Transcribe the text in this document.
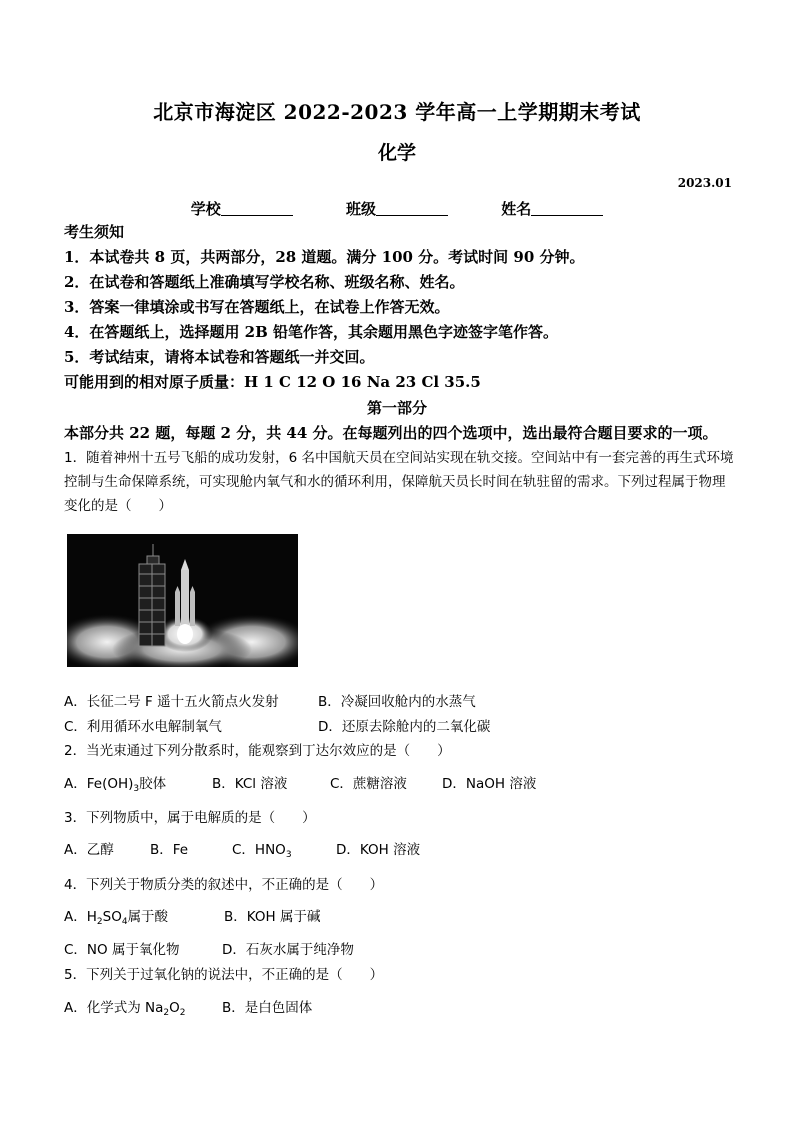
北京市海淀区 2022-2023 学年高一上学期期末考试
化学
2023.01
学校	班级	姓名
考生须知
1．本试卷共 8 页，共两部分，28 道题。满分 100 分。考试时间 90 分钟。
2．在试卷和答题纸上准确填写学校名称、班级名称、姓名。
3．答案一律填涂或书写在答题纸上，在试卷上作答无效。
4．在答题纸上，选择题用 2B 铅笔作答，其余题用黑色字迹签字笔作答。
5．考试结束，请将本试卷和答题纸一并交回。
可能用到的相对原子质量：H 1 C 12 O 16 Na 23 Cl 35.5
第一部分
本部分共 22 题，每题 2 分，共 44 分。在每题列出的四个选项中，选出最符合题目要求的一项。
1．随着神州十五号飞船的成功发射，6 名中国航天员在空间站实现在轨交接。空间站中有一套完善的再生式环境控制与生命保障系统，可实现舱内氧气和水的循环利用，保障航天员长时间在轨驻留的需求。下列过程属于物理变化的是（　　）
A．长征二号 F 遥十五火箭点火发射	B．冷凝回收舱内的水蒸气
C．利用循环水电解制氧气	D．还原去除舱内的二氧化碳
2．当光束通过下列分散系时，能观察到丁达尔效应的是（　　）
A．$Fe(OH)_3$胶体	B．KCl 溶液	C．蔗糖溶液	D．NaOH 溶液
3．下列物质中，属于电解质的是（　　）
A．乙醇	B．Fe	C．$HNO_3$	D．KOH 溶液
4．下列关于物质分类的叙述中，不正确的是（　　）
A．$H_2SO_4$属于酸	B．KOH 属于碱
C．NO 属于氧化物	D．石灰水属于纯净物
5．下列关于过氧化钠的说法中，不正确的是（　　）
A．化学式为 $Na_2O_2$	B．是白色固体
